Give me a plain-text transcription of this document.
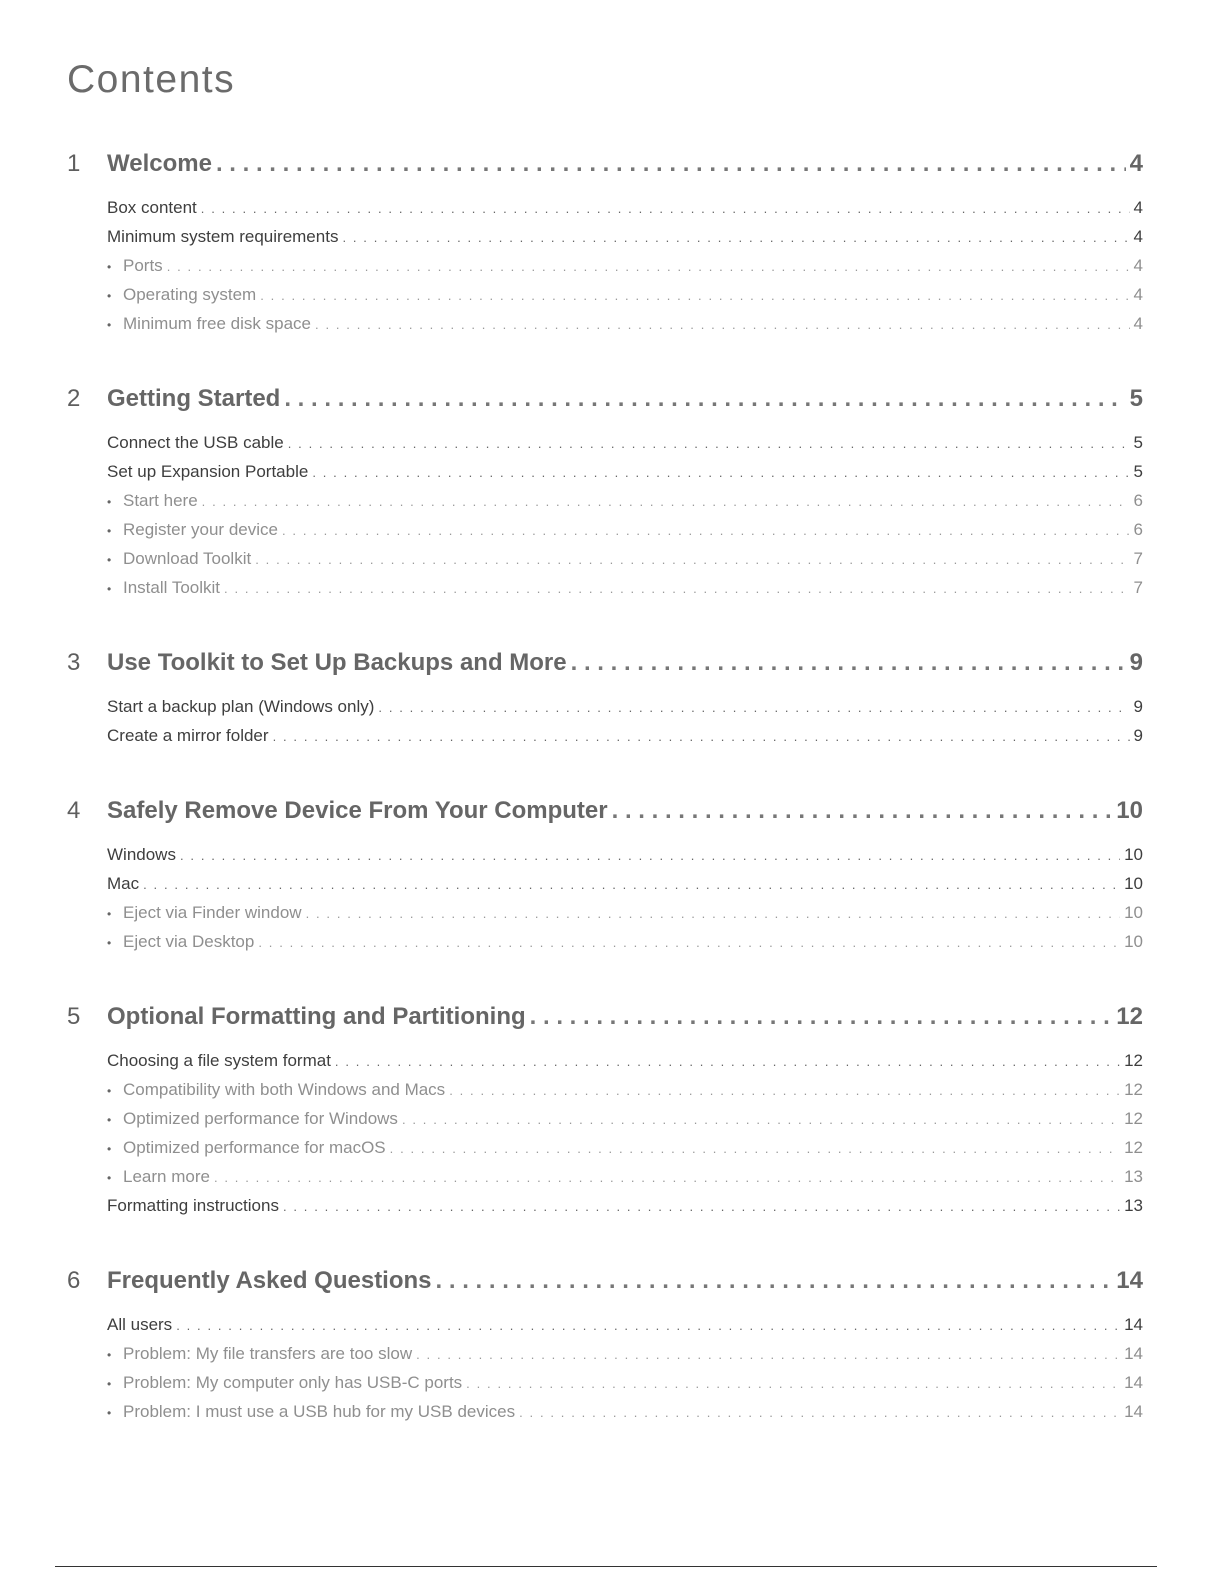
Contents
1	Welcome . . .	4
Box content . . .	4
Minimum system requirements . . .	4
• Ports . . .	4
• Operating system . . .	4
• Minimum free disk space . . .	4
2	Getting Started . . .	5
Connect the USB cable . . .	5
Set up Expansion Portable . . .	5
• Start here . . .	6
• Register your device . . .	6
• Download Toolkit . . .	7
• Install Toolkit . . .	7
3	Use Toolkit to Set Up Backups and More . . .	9
Start a backup plan (Windows only) . . .	9
Create a mirror folder . . .	9
4	Safely Remove Device From Your Computer . . .	10
Windows . . .	10
Mac . . .	10
• Eject via Finder window . . .	10
• Eject via Desktop . . .	10
5	Optional Formatting and Partitioning . . .	12
Choosing a file system format . . .	12
• Compatibility with both Windows and Macs . . .	12
• Optimized performance for Windows . . .	12
• Optimized performance for macOS . . .	12
• Learn more . . .	13
Formatting instructions . . .	13
6	Frequently Asked Questions . . .	14
All users . . .	14
• Problem: My file transfers are too slow . . .	14
• Problem: My computer only has USB-C ports . . .	14
• Problem: I must use a USB hub for my USB devices . . .	14
